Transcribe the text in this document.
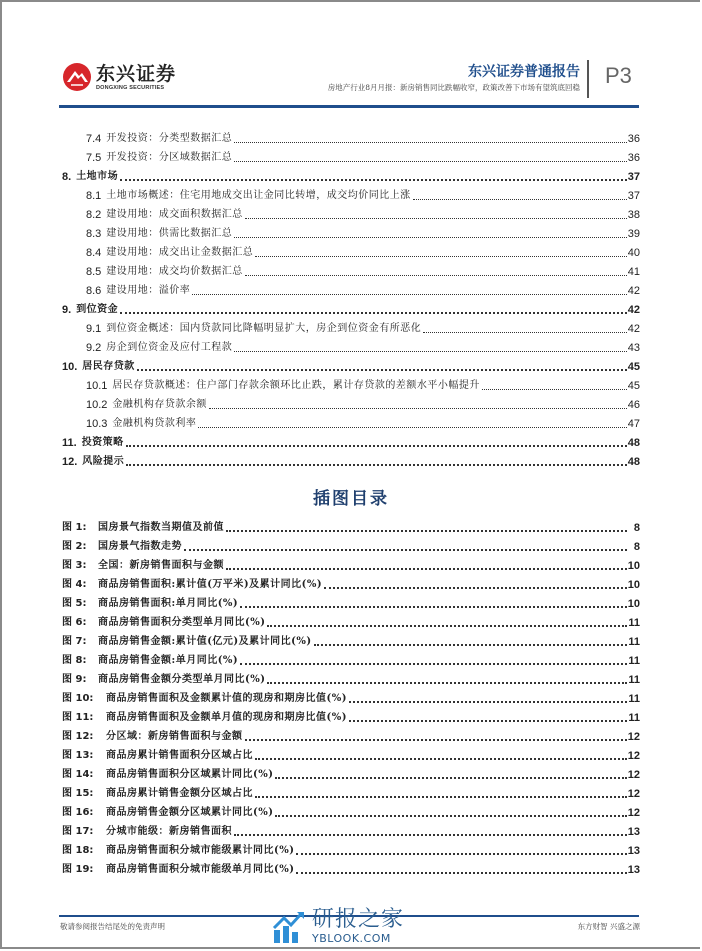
东兴证券
DONGXING SECURITIES
东兴证券普通报告
房地产行业8月月报：新房销售同比跌幅收窄，政策改善下市场有望筑底回稳 P3
7.4 开发投资：分类型数据汇总	36
7.5 开发投资：分区域数据汇总	36
8. 土地市场	37
8.1 土地市场概述：住宅用地成交出让金同比转增，成交均价同比上涨	37
8.2 建设用地：成交面积数据汇总	38
8.3 建设用地：供需比数据汇总	39
8.4 建设用地：成交出让金数据汇总	40
8.5 建设用地：成交均价数据汇总	41
8.6 建设用地：溢价率	42
9. 到位资金	42
9.1 到位资金概述：国内贷款同比降幅明显扩大，房企到位资金有所恶化	42
9.2 房企到位资金及应付工程款	43
10. 居民存贷款	45
10.1 居民存贷款概述：住户部门存款余额环比止跌，累计存贷款的差额水平小幅提升	45
10.2 金融机构存贷款余额	46
10.3 金融机构贷款利率	47
11. 投资策略	48
12. 风险提示	48
插图目录
图 1:	国房景气指数当期值及前值	8
图 2:	国房景气指数走势	8
图 3:	全国：新房销售面积与金额	10
图 4:	商品房销售面积:累计值(万平米)及累计同比(%)	10
图 5:	商品房销售面积:单月同比(%)	10
图 6:	商品房销售面积分类型单月同比(%)	11
图 7:	商品房销售金额:累计值(亿元)及累计同比(%)	11
图 8:	商品房销售金额:单月同比(%)	11
图 9:	商品房销售金额分类型单月同比(%)	11
图 10:	商品房销售面积及金额累计值的现房和期房比值(%)	11
图 11:	商品房销售面积及金额单月值的现房和期房比值(%)	11
图 12:	分区域：新房销售面积与金额	12
图 13:	商品房累计销售面积分区域占比	12
图 14:	商品房销售面积分区域累计同比(%)	12
图 15:	商品房累计销售金额分区域占比	12
图 16:	商品房销售金额分区域累计同比(%)	12
图 17:	分城市能级：新房销售面积	13
图 18:	商品房销售面积分城市能级累计同比(%)	13
图 19:	商品房销售面积分城市能级单月同比(%)	13
敬请参阅报告结尾处的免责声明	东方财智 兴盛之源
研报之家
YBLOOK.COM
